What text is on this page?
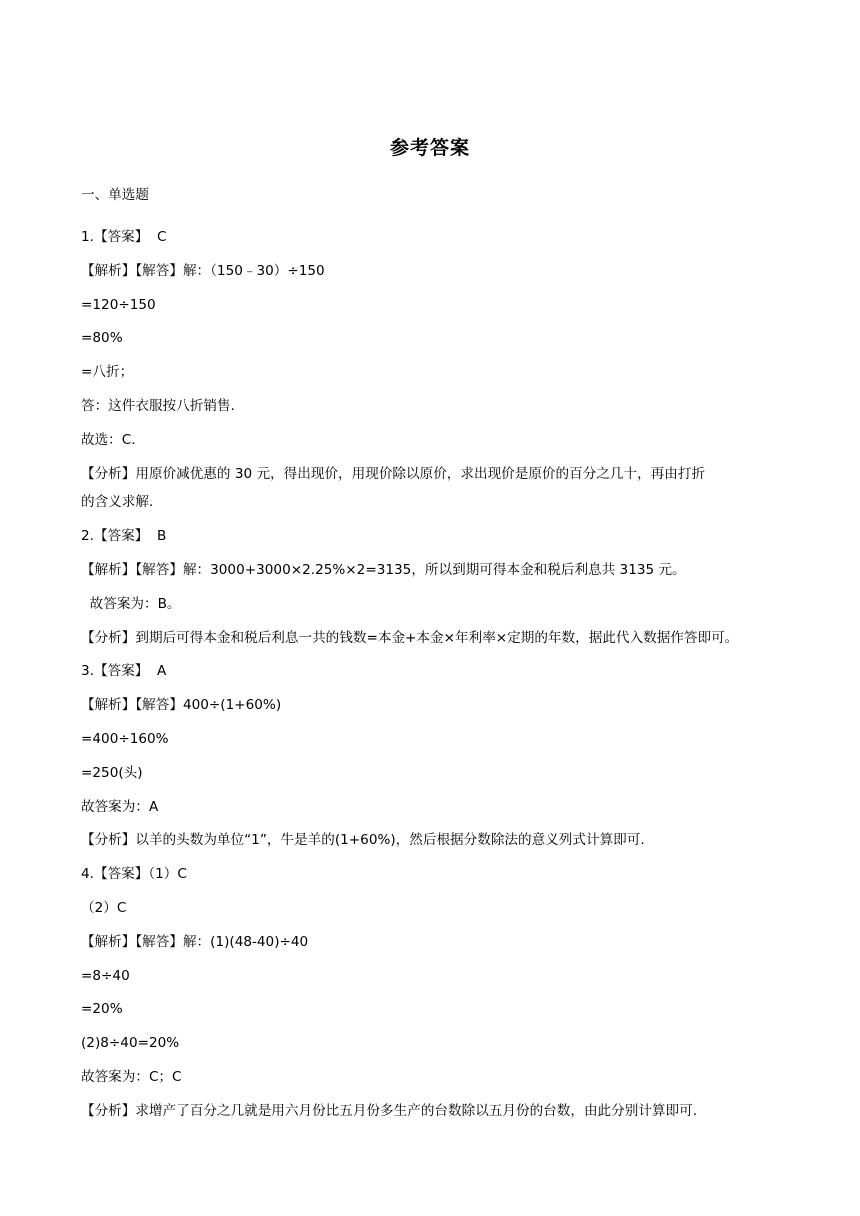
参考答案
一、单选题
1.【答案】  C
【解析】【解答】解：（150﹣30）÷150
=120÷150
=80%
=八折；
答：这件衣服按八折销售.
故选：C.
【分析】用原价减优惠的 30 元，得出现价，用现价除以原价，求出现价是原价的百分之几十，再由打折
的含义求解.
2.【答案】  B
【解析】【解答】解：3000+3000×2.25%×2=3135，所以到期可得本金和税后利息共 3135 元。
故答案为：B。
【分析】到期后可得本金和税后利息一共的钱数=本金+本金×年利率×定期的年数，据此代入数据作答即可。
3.【答案】  A
【解析】【解答】400÷(1+60%)
=400÷160%
=250(头)
故答案为：A
【分析】以羊的头数为单位“1”，牛是羊的(1+60%)，然后根据分数除法的意义列式计算即可.
4.【答案】（1）C
（2）C
【解析】【解答】解：(1)(48-40)÷40
=8÷40
=20%
(2)8÷40=20%
故答案为：C；C
【分析】求增产了百分之几就是用六月份比五月份多生产的台数除以五月份的台数，由此分别计算即可.
